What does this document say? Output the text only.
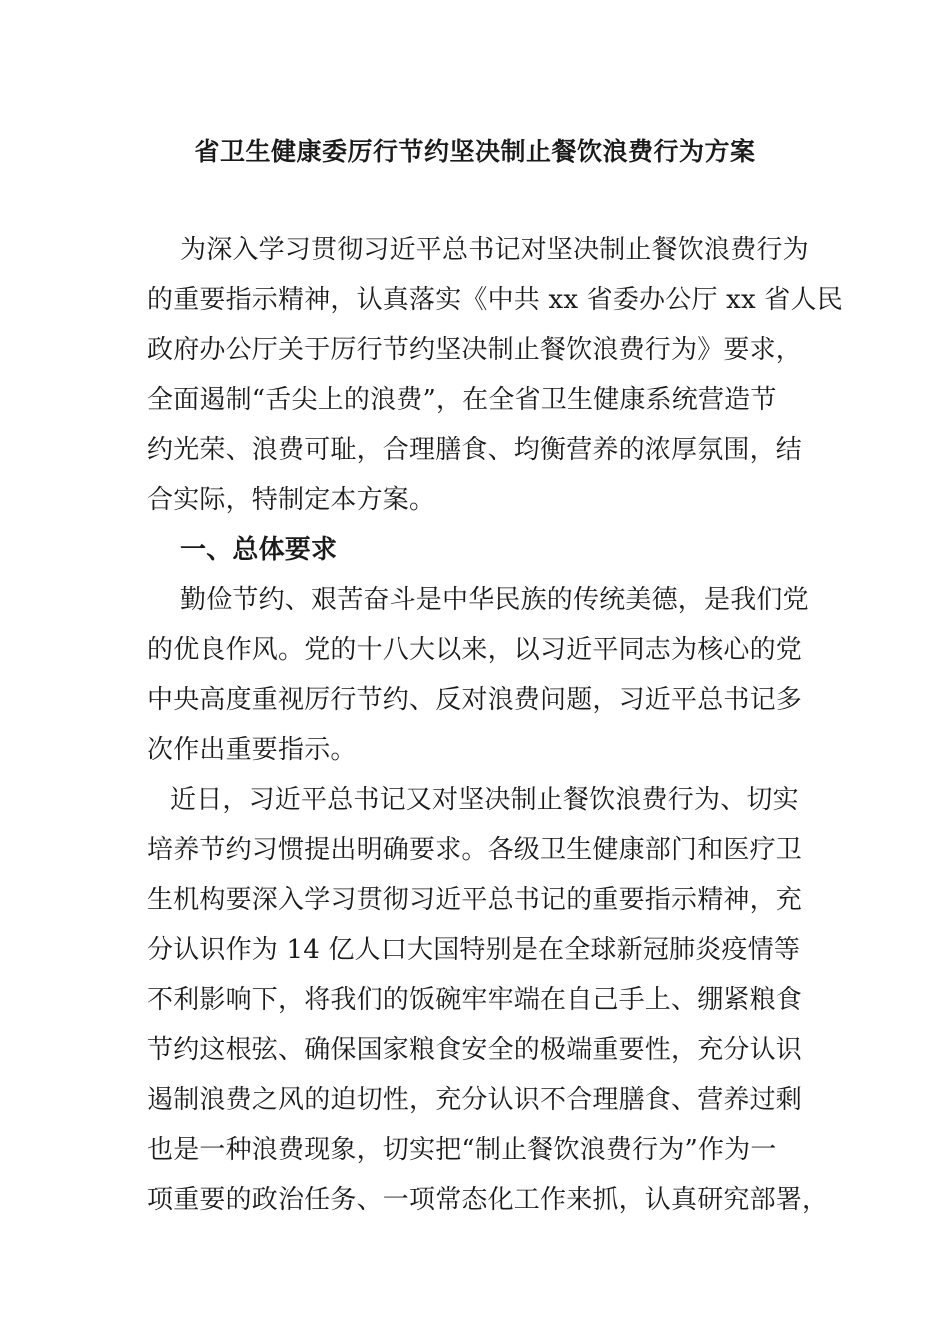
省卫生健康委厉行节约坚决制止餐饮浪费行为方案

为深入学习贯彻习近平总书记对坚决制止餐饮浪费行为

的重要指示精神，认真落实《中共 xx 省委办公厅 xx 省人民

政府办公厅关于厉行节约坚决制止餐饮浪费行为》要求，

全面遏制“舌尖上的浪费”，在全省卫生健康系统营造节

约光荣、浪费可耻，合理膳食、均衡营养的浓厚氛围，结

合实际，特制定本方案。

一、总体要求

勤俭节约、艰苦奋斗是中华民族的传统美德，是我们党

的优良作风。党的十八大以来，以习近平同志为核心的党

中央高度重视厉行节约、反对浪费问题，习近平总书记多

次作出重要指示。

近日，习近平总书记又对坚决制止餐饮浪费行为、切实

培养节约习惯提出明确要求。各级卫生健康部门和医疗卫

生机构要深入学习贯彻习近平总书记的重要指示精神，充

分认识作为 14 亿人口大国特别是在全球新冠肺炎疫情等

不利影响下，将我们的饭碗牢牢端在自己手上、绷紧粮食

节约这根弦、确保国家粮食安全的极端重要性，充分认识

遏制浪费之风的迫切性，充分认识不合理膳食、营养过剩

也是一种浪费现象，切实把“制止餐饮浪费行为”作为一

项重要的政治任务、一项常态化工作来抓，认真研究部署，
